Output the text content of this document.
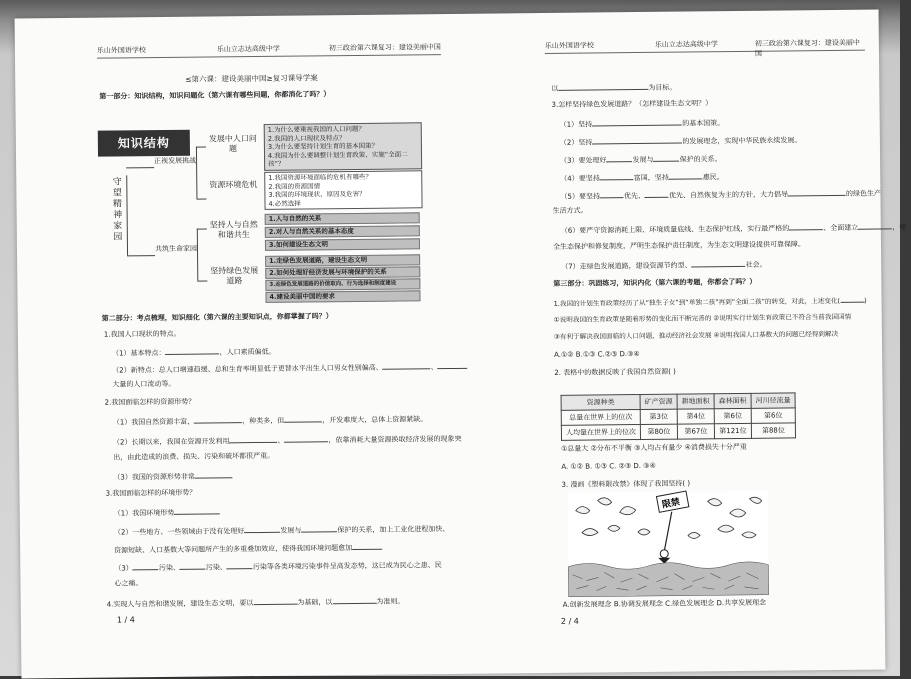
乐山外国语学校	乐山立志达高级中学	初三政治第六课复习：建设美丽中国
≤第六课：建设美丽中国≥复习课导学案
第一部分：知识结构，知识问题化（第六课有哪些问题，你都消化了吗？）
知识结构
守望精神家园
正视发展挑战
共筑生命家园
发展中人口问题
资源环境危机
坚持人与自然和谐共生
坚持绿色发展道路
1.为什么要重视我国的人口问题？
2.我国的人口现状及特点？
3.为什么要坚持计划生育的基本国策？
4.我国为什么要调整计划生育政策、实施“全面二孩”？
1.我国资源环境面临的危机有哪些？
2.我国的资源国情
3.我国的环境现状、原因及危害？
4.必然选择
1.人与自然的关系
2.对人与自然关系的基本态度
3.如何建设生态文明
1.走绿色发展道路，建设生态文明
2.如何处理好经济发展与环境保护的关系
3.走绿色发展道路的价值取向、行为选择和制度建设
4.建设美丽中国的要求
第二部分：考点梳理，知识细化（第六课的主要知识点，你都掌握了吗？）
1.我国人口现状的特点。
（1）基本特点：	，人口素质偏低。
（2）新特点：总人口增速趋缓、总和生育率明显低于更替水平出生人口男女性别偏高、	、
大量的人口流动等。
2.我国面临怎样的资源形势？
（1）我国自然资源丰富，	，种类多，但	，开发难度大，总体上资源紧缺。
（2）长期以来，我国在资源开发利用	、	，依靠消耗大量资源换取经济发展的现象突
出，由此造成的浪费、损失、污染和破坏都很严重。
（3）我国的资源形势非常
3.我国面临怎样的环境形势？
（1）我国环境形势
（2）一些地方、一些领域由于没有处理好	发展与	保护的关系，加上工业化进程加快、
资源短缺、人口基数大等问题所产生的多重叠加效应，使得我国环境问题愈加
（3）	污染、	污染、	污染等各类环境污染事件呈高发态势，这已成为民心之患、民
心之痛。
4.实现人与自然和谐发展，建设生态文明，要以	为基础，以	为准则。
1 / 4
乐山外国语学校	乐山立志达高级中学	初三政治第六课复习：建设美丽中国
以	为目标。
3.怎样坚持绿色发展道路？（怎样建设生态文明？）
（1）坚持	的基本国策。
（2）坚持	的发展理念，实现中华民族永续发展。
（3）要处理好	发展与	保护的关系。
（4）要坚持	富国，坚持	惠民。
（5）要坚持	优先、	优先、自然恢复为主的方针，大力倡导	的绿色生产
生活方式。
（6）要严守资源消耗上限、环境质量底线、生态保护红线，实行最严格的	、全面建立	，健
全生态保护和修复制度，严明生态保护责任制度，为生态文明建设提供可靠保障。
（7）走绿色发展道路，建设资源节约型、	社会。
第三部分：巩固练习，知识内化（第六课的考题，你都会了吗？）
1.我国的计划生育政策经历了从“独生子女”到“单独二孩”再到“全面二孩”的转变，对此，上述变化(	)
①说明我国的生育政策是随着形势的变化而不断完善的 ②说明实行计划生育政策已不符合当前我国国情
③有利于解决我国面临的人口问题，推动经济社会发展 ④说明我国人口基数大的问题已经得到解决
A.①② B.①③ C.②③ D.③④
2. 表格中的数据反映了我国自然资源( )
资源种类	矿产资源	耕地面积	森林面积	河川径流量
总量在世界上的位次	第3位	第4位	第6位	第6位
人均量在世界上的位次	第80位	第67位	第121位	第88位
①总量大 ②分布不平衡 ③人均占有量少 ④消费损失十分严重
A. ①② B. ①③ C. ②③ D. ③④
3. 漫画《塑料限改禁》体现了我国坚持( )
限禁
A.创新发展理念 B.协调发展理念 C.绿色发展理念 D.共享发展理念
2 / 4
